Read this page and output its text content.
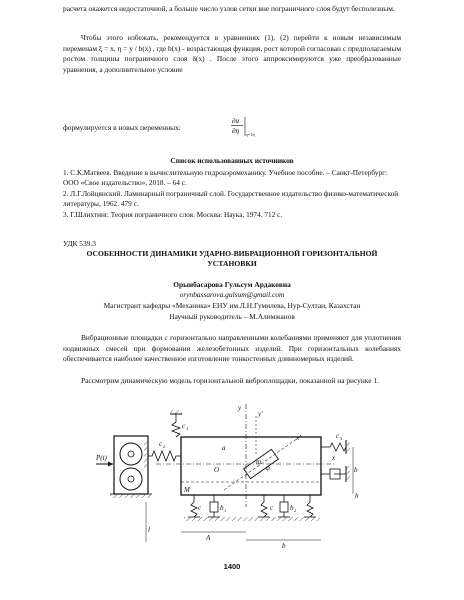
расчета окажется недостаточной, а больше число узлов сетки вне пограничного слоя будут бесполезным.

Чтобы этого избежать, рекомендуется в уравнениях (1), (2) перейти к новым независимым переменам ξ = x, η = y / b(x) , где b(x) - возрастающая функция, рост которой согласован с предполагаемым ростом толщины пограничного слоя δ(x) . После этого аппроксимируются уже преобразованные уравнения, а дополнительное условие

формулируется в новых переменных:
∂u
∂η η=1/η
Список использованных источников

1. С.К.Матвеев. Введение в вычислительную гидроаэромеханику. Учебное пособие. – Санкт-Петербург: ООО «Свое издательство», 2018. – 64 с.

2. Л.Г.Лойцянский. Ламинарный пограничный слой. Государственное издательство физико-математической литературы, 1962. 479 с.

3. Г.Шлихтинг. Теория пограничного слоя. Москва: Наука, 1974. 712 с.

УДК 539.3
ОСОБЕННОСТИ ДИНАМИКИ УДАРНО-ВИБРАЦИОННОЙ ГОРИЗОНТАЛЬНОЙ УСТАНОВКИ
Орынбасарова Гульсум Ардаковна
orynbassarova.gulsum@gmail.com
Магистрант кафедры «Механика» ЕНУ им.Л.Н.Гумилева, Нур-Султан, Казахстан
Научный руководитель – М.Алимжанов

Вибрационные площадки с горизонтально направленными колебаниями применяют для уплотнения подвижных смесей при формовании железобетонных изделий. При горизонтальных колебаниях обеспечивается наиболее качественное изготовление тонкостенных длинномерных изделий.

Рассмотрим динамическую модель горизонтальной виброплощадки, показанной на рисунке 1.

P(t)
c 2
c 1
M
y
x
y'
x'
m
φ
O
a
c 3
b
h
c	b 1	c b 2
l
A
b
1400
